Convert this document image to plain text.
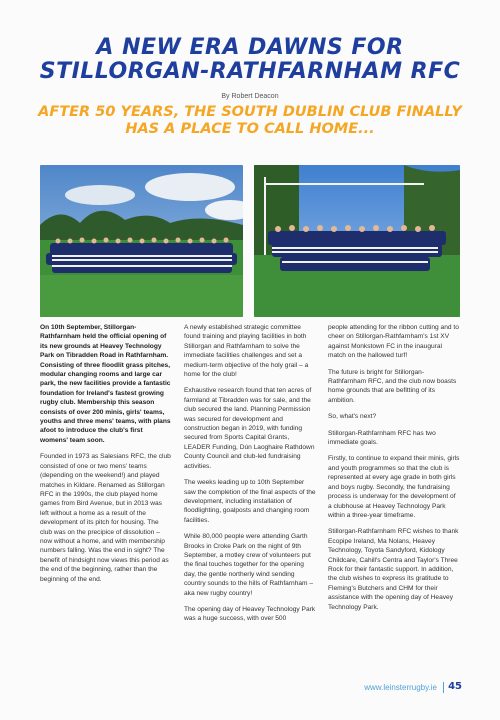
A NEW ERA DAWNS FOR
STILLORGAN-RATHFARNHAM RFC
By Robert Deacon
AFTER 50 YEARS, THE SOUTH DUBLIN CLUB FINALLY
HAS A PLACE TO CALL HOME...

On 10th September, Stillorgan-Rathfarnham held the official opening of its new grounds at Heavey Technology Park on Tibradden Road in Rathfarnham. Consisting of three floodlit grass pitches, modular changing rooms and large car park, the new facilities provide a fantastic foundation for Ireland's fastest growing rugby club. Membership this season consists of over 200 minis, girls' teams, youths and three mens' teams, with plans afoot to introduce the club's first womens' team soon.

Founded in 1973 as Salesians RFC, the club consisted of one or two mens' teams (depending on the weekend!) and played matches in Kildare. Renamed as Stillorgan RFC in the 1990s, the club played home games from Bird Avenue, but in 2013 was left without a home as a result of the development of its pitch for housing. The club was on the precipice of dissolution – now without a home, and with membership numbers falling. Was the end in sight? The benefit of hindsight now views this period as the end of the beginning, rather than the beginning of the end.

A newly established strategic committee found training and playing facilities in both Stillorgan and Rathfarnham to solve the immediate facilities challenges and set a medium-term objective of the holy grail – a home for the club!

Exhaustive research found that ten acres of farmland at Tibradden was for sale, and the club secured the land. Planning Permission was secured for development and construction began in 2019, with funding secured from Sports Capital Grants, LEADER Funding, Dún Laoghaire Rathdown County Council and club-led fundraising activities.

The weeks leading up to 10th September saw the completion of the final aspects of the development, including installation of floodlighting, goalposts and changing room facilities.

While 80,000 people were attending Garth Brooks in Croke Park on the night of 9th September, a motley crew of volunteers put the final touches together for the opening day, the gentle northerly wind sending country sounds to the hills of Rathfarnham – aka new rugby country!

The opening day of Heavey Technology Park was a huge success, with over 500

people attending for the ribbon cutting and to cheer on Stillorgan-Rathfarnham's 1st XV against Monkstown FC in the inaugural match on the hallowed turf!

The future is bright for Stillorgan-Rathfarnham RFC, and the club now boasts home grounds that are befitting of its ambition.

So, what's next?

Stillorgan-Rathfarnham RFC has two immediate goals.

Firstly, to continue to expand their minis, girls and youth programmes so that the club is represented at every age grade in both girls and boys rugby. Secondly, the fundraising process is underway for the development of a clubhouse at Heavey Technology Park within a three-year timeframe.

Stillorgan-Rathfarnham RFC wishes to thank Ecopipe Ireland, Ma Nolans, Heavey Technology, Toyota Sandyford, Kidology Childcare, Cahill's Centra and Taylor's Three Rock for their fantastic support. In addition, the club wishes to express its gratitude to Fleming's Butchers and CHM for their assistance with the opening day of Heavey Technology Park.

www.leinsterrugby.ie 45
